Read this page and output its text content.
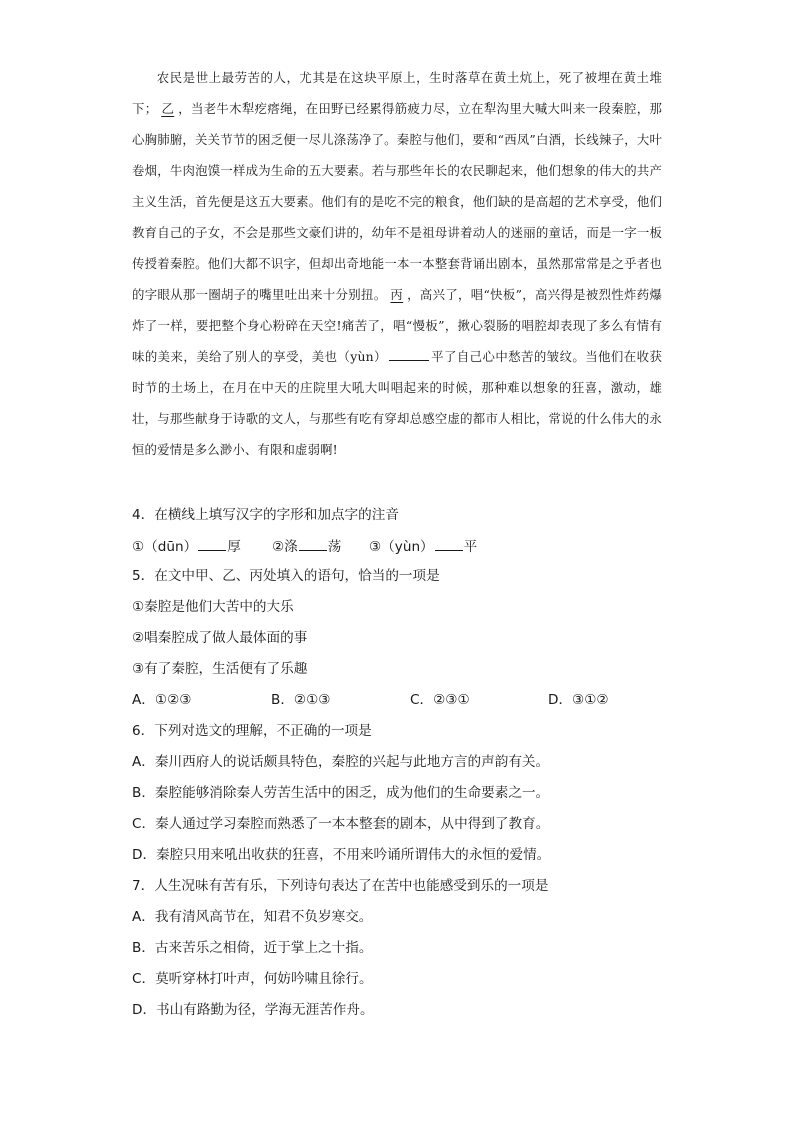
农民是世上最劳苦的人，尤其是在这块平原上，生时落草在黄土炕上，死了被埋在黄土堆下； 乙 ，当老牛木犁疙瘩绳，在田野已经累得筋疲力尽，立在犁沟里大喊大叫来一段秦腔，那心胸肺腑，关关节节的困乏便一尽儿涤荡净了。秦腔与他们，要和“西凤”白酒，长线辣子，大叶卷烟，牛肉泡馍一样成为生命的五大要素。若与那些年长的农民聊起来，他们想象的伟大的共产主义生活，首先便是这五大要素。他们有的是吃不完的粮食，他们缺的是高超的艺术享受，他们教育自己的子女，不会是那些文豪们讲的，幼年不是祖母讲着动人的迷丽的童话，而是一字一板传授着秦腔。他们大都不识字，但却出奇地能一本一本整套背诵出剧本，虽然那常常是之乎者也的字眼从那一圈胡子的嘴里吐出来十分别扭。 丙 ，高兴了，唱“快板”，高兴得是被烈性炸药爆炸了一样，要把整个身心粉碎在天空!痛苦了，唱“慢板”，揪心裂肠的唱腔却表现了多么有情有味的美来，美给了别人的享受，美也（yùn）	平了自己心中愁苦的皱纹。当他们在收获时节的土场上，在月在中天的庄院里大吼大叫唱起来的时候，那种难以想象的狂喜，激动，雄壮，与那些献身于诗歌的文人，与那些有吃有穿却总感空虚的都市人相比，常说的什么伟大的永恒的爱情是多么渺小、有限和虚弱啊!

4．在横线上填写汉字的字形和加点字的注音
①（dūn） 厚 ②涤 荡 ③（yùn） 平
5．在文中甲、乙、丙处填入的语句，恰当的一项是
①秦腔是他们大苦中的大乐
②唱秦腔成了做人最体面的事
③有了秦腔，生活便有了乐趣
A．①②③	B．②①③	C．②③①	D．③①②
6．下列对选文的理解，不正确的一项是
A．秦川西府人的说话颇具特色，秦腔的兴起与此地方言的声韵有关。
B．秦腔能够消除秦人劳苦生活中的困乏，成为他们的生命要素之一。
C．秦人通过学习秦腔而熟悉了一本本整套的剧本，从中得到了教育。
D．秦腔只用来吼出收获的狂喜，不用来吟诵所谓伟大的永恒的爱情。
7．人生况味有苦有乐，下列诗句表达了在苦中也能感受到乐的一项是
A．我有清风高节在，知君不负岁寒交。
B．古来苦乐之相倚，近于掌上之十指。
C．莫听穿林打叶声，何妨吟啸且徐行。
D．书山有路勤为径，学海无涯苦作舟。
